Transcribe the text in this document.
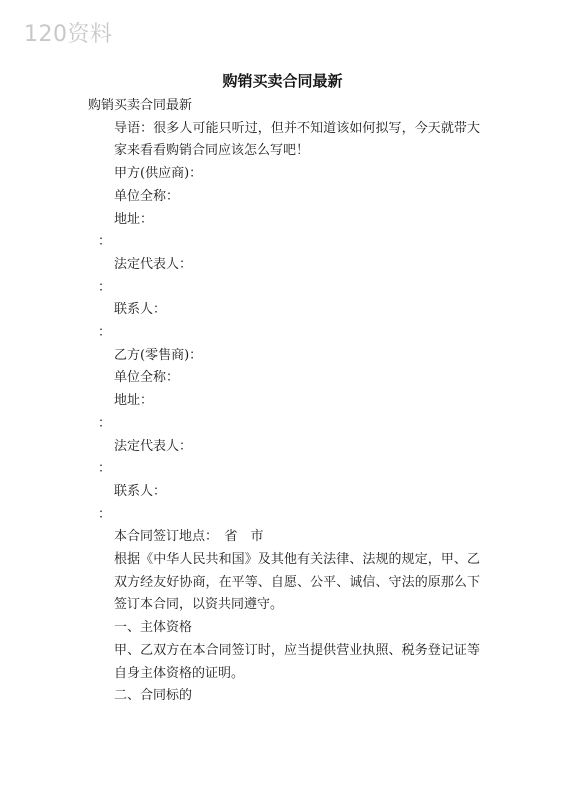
120资料
购销买卖合同最新

购销买卖合同最新

导语：很多人可能只听过，但并不知道该如何拟写，今天就带大家来看看购销合同应该怎么写吧！

甲方(供应商)：

单位全称：

地址：

：

法定代表人：

：

联系人：

：

乙方(零售商)：

单位全称：

地址：

：

法定代表人：

：

联系人：

：

本合同签订地点：　省　市

根据《中华人民共和国》及其他有关法律、法规的规定，甲、乙双方经友好协商，在平等、自愿、公平、诚信、守法的原那么下签订本合同，以资共同遵守。

一、主体资格

甲、乙双方在本合同签订时，应当提供营业执照、税务登记证等自身主体资格的证明。

二、合同标的
